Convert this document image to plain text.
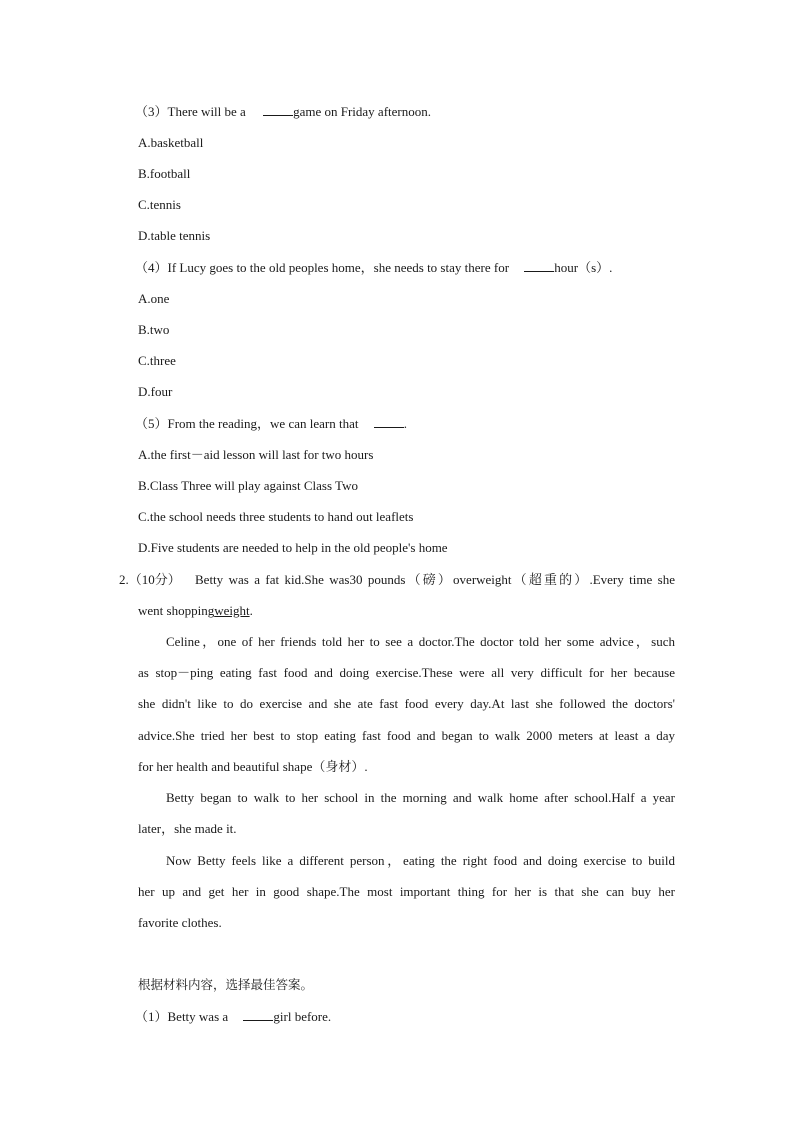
（3）There will be a	game on Friday afternoon.
A.basketball
B.football
C.tennis
D.table tennis
（4）If Lucy goes to the old peoples home，she needs to stay there for	hour（s）.
A.one
B.two
C.three
D.four
（5）From the reading，we can learn that	.
A.the first－aid lesson will last for two hours
B.Class Three will play against Class Two
C.the school needs three students to hand out leaflets
D.Five students are needed to help in the old people's home
2.（10分） Betty was a fat kid.She was30 pounds（磅）overweight（超重的）.Every time she
went shoppingweight.
Celine，one of her friends told her to see a doctor.The doctor told her some advice，such
as stop－ping eating fast food and doing exercise.These were all very difficult for her because
she didn't like to do exercise and she ate fast food every day.At last she followed the doctors'
advice.She tried her best to stop eating fast food and began to walk 2000 meters at least a day
for her health and beautiful shape（身材）.
Betty began to walk to her school in the morning and walk home after school.Half a year
later，she made it.
Now Betty feels like a different person，eating the right food and doing exercise to build
her up and get her in good shape.The most important thing for her is that she can buy her
favorite clothes.
根据材料内容，选择最佳答案。
（1）Betty was a	girl before.
